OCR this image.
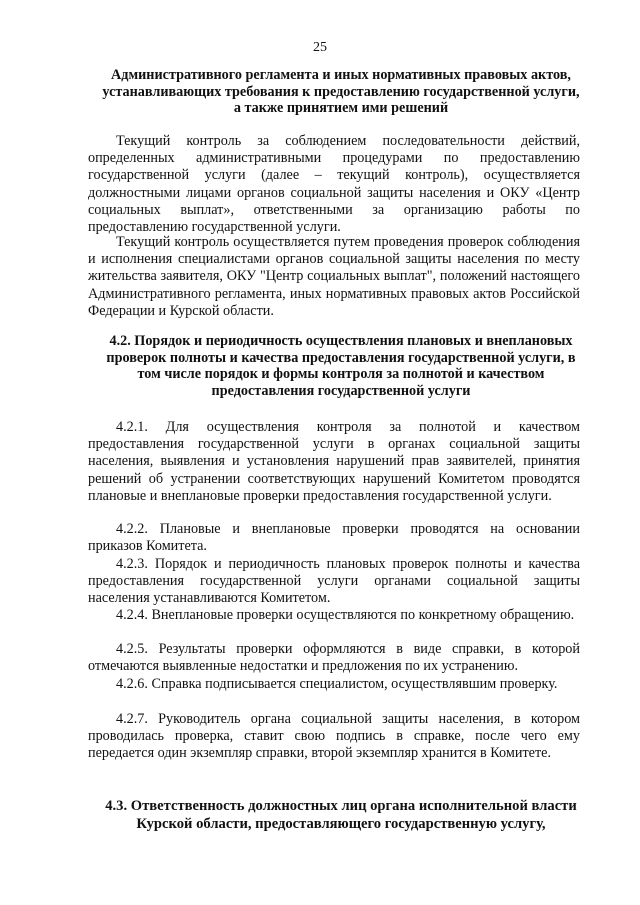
25
Административного регламента и иных нормативных правовых актов, устанавливающих требования к предоставлению государственной услуги, а также принятием ими решений

Текущий контроль за соблюдением последовательности действий, определенных административными процедурами по предоставлению государственной услуги (далее – текущий контроль), осуществляется должностными лицами органов социальной защиты населения и ОКУ «Центр социальных выплат», ответственными за организацию работы по предоставлению государственной услуги.

Текущий контроль осуществляется путем проведения проверок соблюдения и исполнения специалистами органов социальной защиты населения по месту жительства заявителя, ОКУ "Центр социальных выплат", положений настоящего Административного регламента, иных нормативных правовых актов Российской Федерации и Курской области.

4.2. Порядок и периодичность осуществления плановых и внеплановых проверок полноты и качества предоставления государственной услуги, в том числе порядок и формы контроля за полнотой и качеством предоставления государственной услуги

4.2.1. Для осуществления контроля за полнотой и качеством предоставления государственной услуги в органах социальной защиты населения, выявления и установления нарушений прав заявителей, принятия решений об устранении соответствующих нарушений Комитетом проводятся плановые и внеплановые проверки предоставления государственной услуги.

4.2.2. Плановые и внеплановые проверки проводятся на основании приказов Комитета.

4.2.3. Порядок и периодичность плановых проверок полноты и качества предоставления государственной услуги органами социальной защиты населения устанавливаются Комитетом.

4.2.4. Внеплановые проверки осуществляются по конкретному обращению.

4.2.5. Результаты проверки оформляются в виде справки, в которой отмечаются выявленные недостатки и предложения по их устранению.

4.2.6. Справка подписывается специалистом, осуществлявшим проверку.

4.2.7. Руководитель органа социальной защиты населения, в котором проводилась проверка, ставит свою подпись в справке, после чего ему передается один экземпляр справки, второй экземпляр хранится в Комитете.

4.3. Ответственность должностных лиц органа исполнительной власти Курской области, предоставляющего государственную услугу,
